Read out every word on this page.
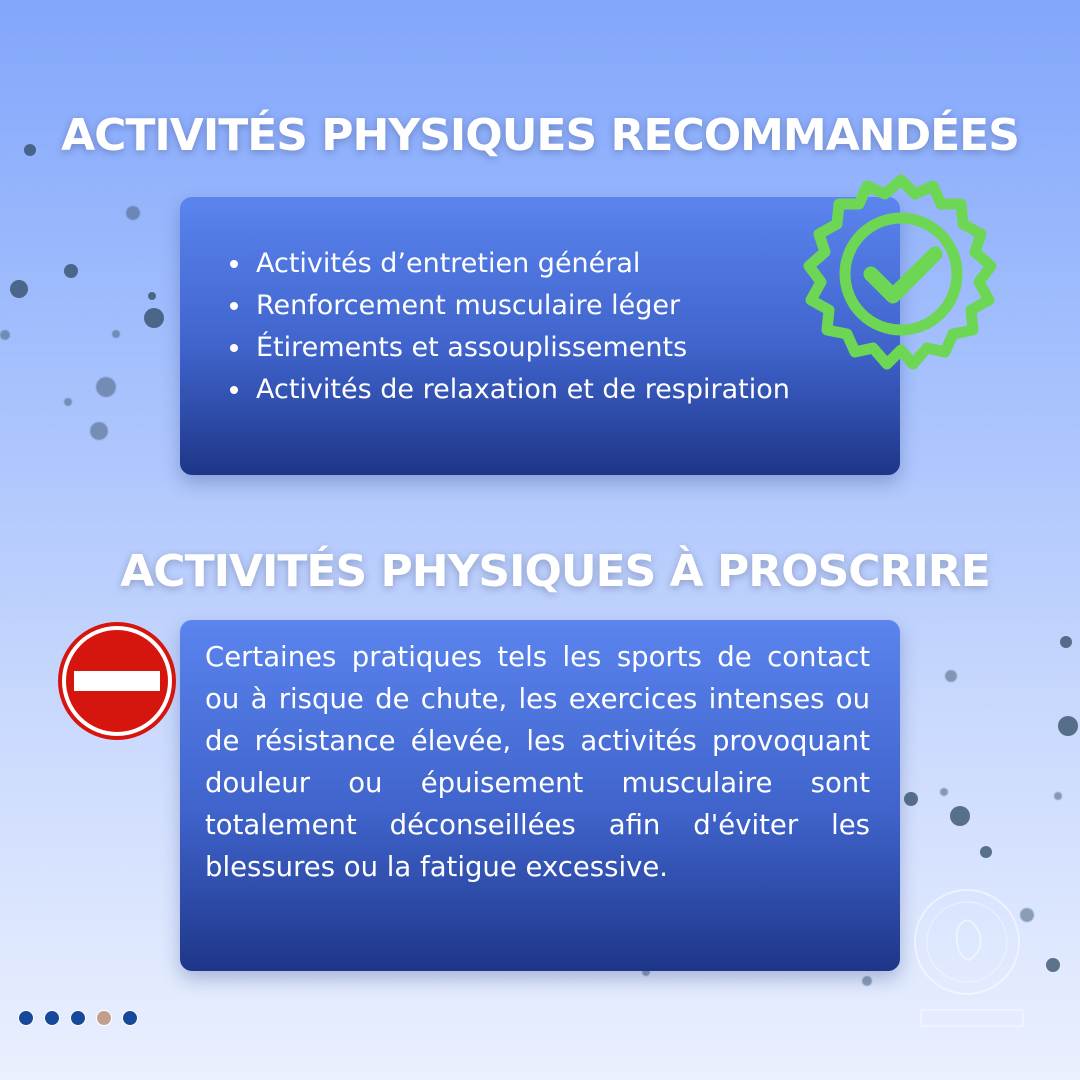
ACTIVITÉS PHYSIQUES RECOMMANDÉES
Activités d’entretien général
Renforcement musculaire léger
Étirements et assouplissements
Activités de relaxation et de respiration
ACTIVITÉS PHYSIQUES À PROSCRIRE

Certaines pratiques tels les sports de contact ou à risque de chute, les exercices intenses ou de résistance élevée, les activités provoquant douleur ou épuisement musculaire sont totalement déconseillées afin d'éviter les blessures ou la fatigue excessive.
